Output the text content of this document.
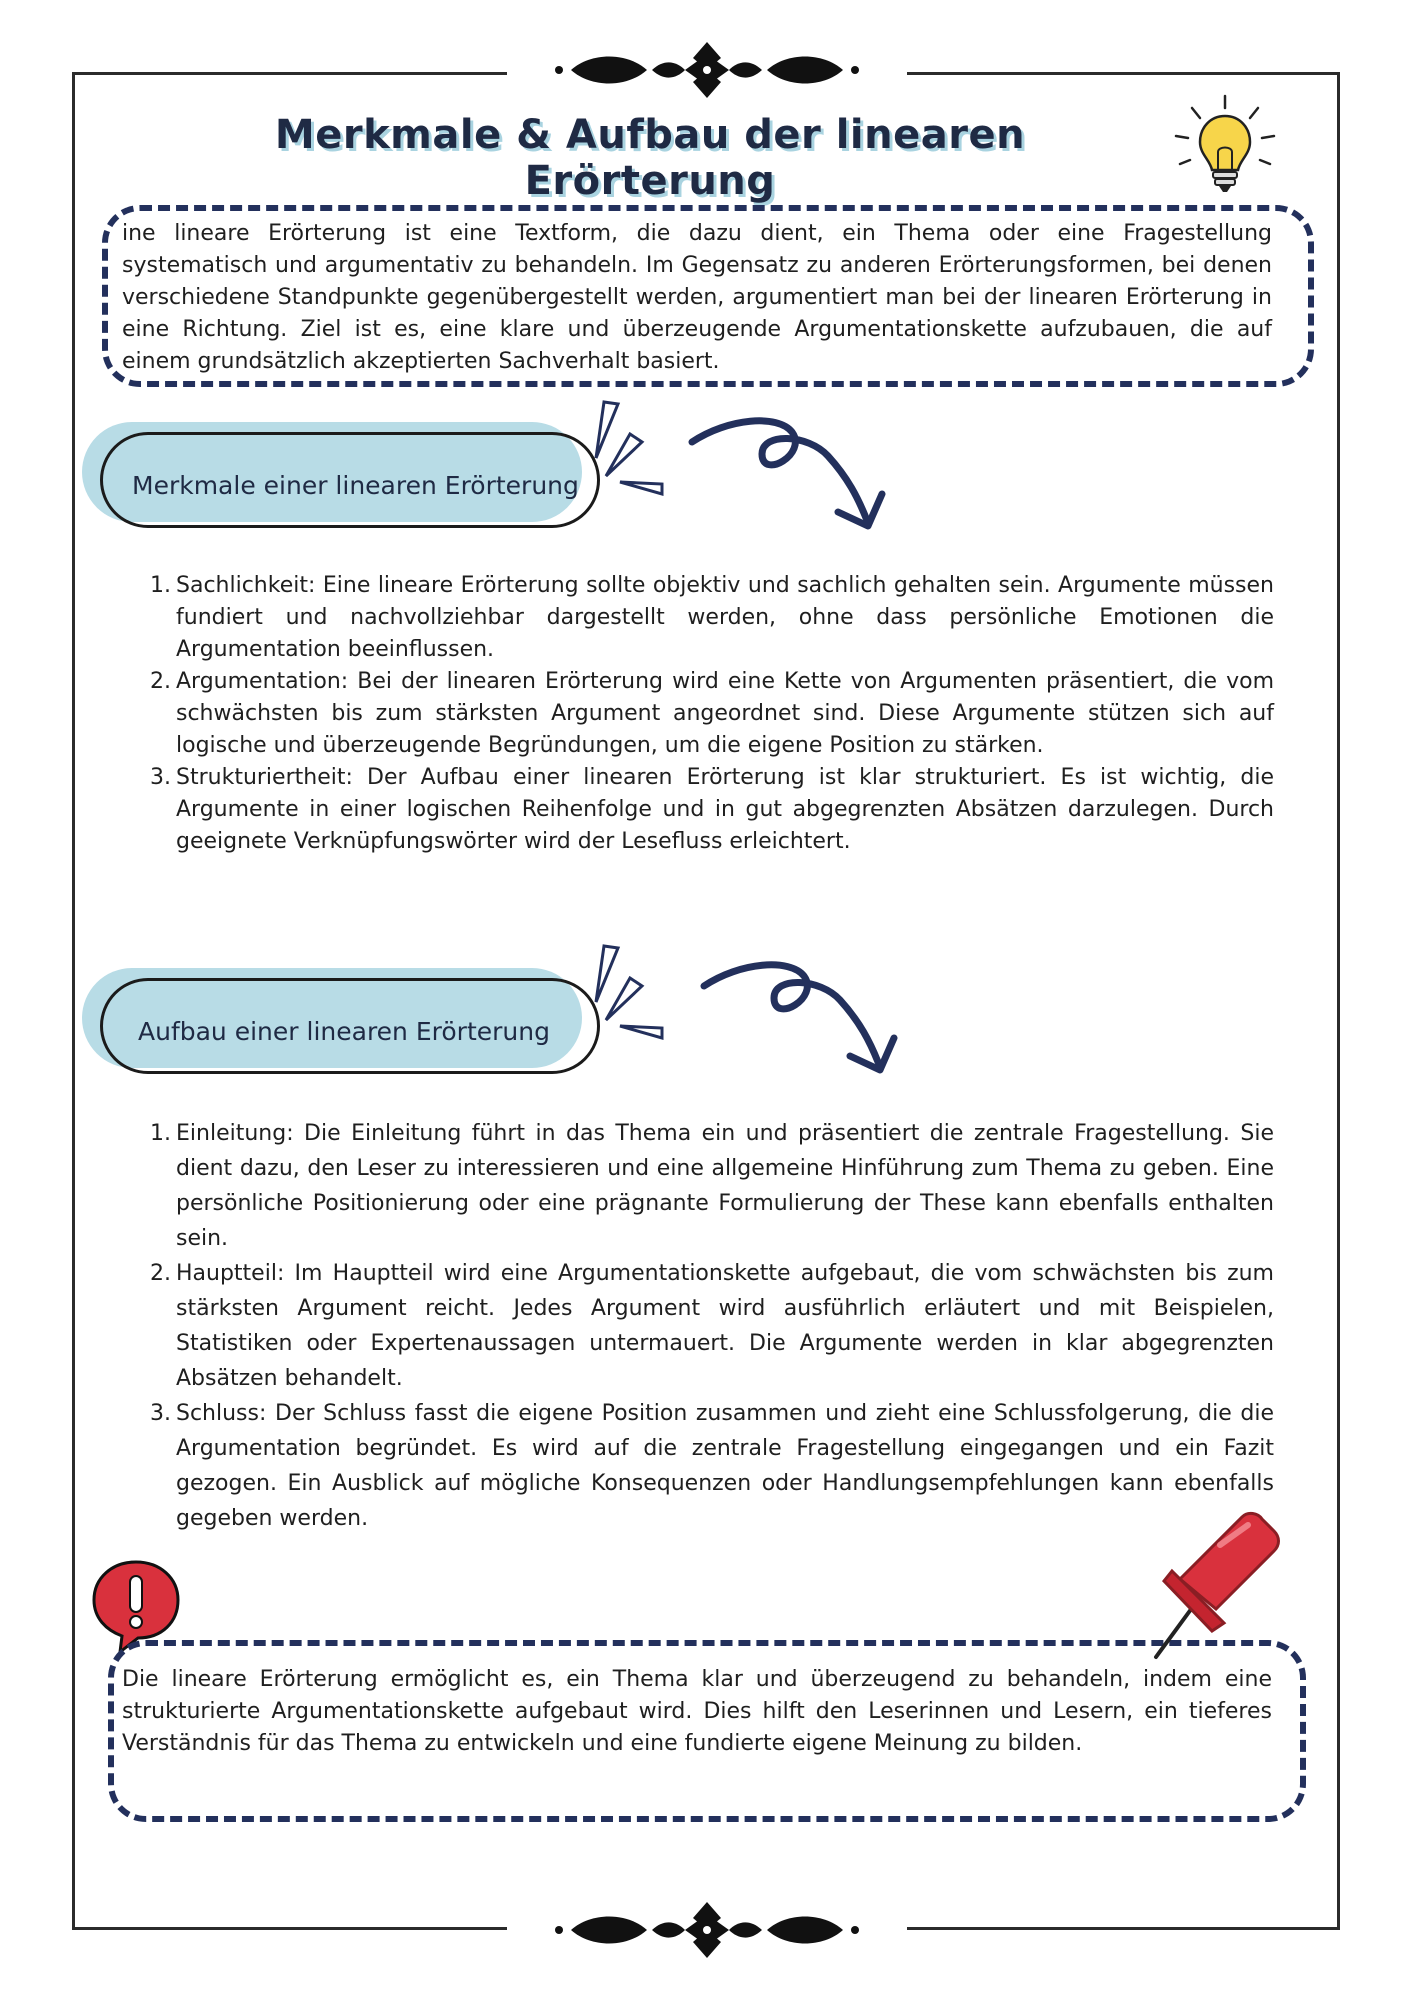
Merkmale & Aufbau der linearen Erörterung
ine lineare Erörterung ist eine Textform, die dazu dient, ein Thema oder eine Fragestellung systematisch und argumentativ zu behandeln. Im Gegensatz zu anderen Erörterungsformen, bei denen verschiedene Standpunkte gegenübergestellt werden, argumentiert man bei der linearen Erörterung in eine Richtung. Ziel ist es, eine klare und überzeugende Argumentationskette aufzubauen, die auf einem grundsätzlich akzeptierten Sachverhalt basiert.
Merkmale einer linearen Erörterung
1. Sachlichkeit: Eine lineare Erörterung sollte objektiv und sachlich gehalten sein. Argumente müssen fundiert und nachvollziehbar dargestellt werden, ohne dass persönliche Emotionen die Argumentation beeinflussen.
2. Argumentation: Bei der linearen Erörterung wird eine Kette von Argumenten präsentiert, die vom schwächsten bis zum stärksten Argument angeordnet sind. Diese Argumente stützen sich auf logische und überzeugende Begründungen, um die eigene Position zu stärken.
3. Strukturiertheit: Der Aufbau einer linearen Erörterung ist klar strukturiert. Es ist wichtig, die Argumente in einer logischen Reihenfolge und in gut abgegrenzten Absätzen darzulegen. Durch geeignete Verknüpfungswörter wird der Lesefluss erleichtert.
Aufbau einer linearen Erörterung
1. Einleitung: Die Einleitung führt in das Thema ein und präsentiert die zentrale Fragestellung. Sie dient dazu, den Leser zu interessieren und eine allgemeine Hinführung zum Thema zu geben. Eine persönliche Positionierung oder eine prägnante Formulierung der These kann ebenfalls enthalten sein.
2. Hauptteil: Im Hauptteil wird eine Argumentationskette aufgebaut, die vom schwächsten bis zum stärksten Argument reicht. Jedes Argument wird ausführlich erläutert und mit Beispielen, Statistiken oder Expertenaussagen untermauert. Die Argumente werden in klar abgegrenzten Absätzen behandelt.
3. Schluss: Der Schluss fasst die eigene Position zusammen und zieht eine Schlussfolgerung, die die Argumentation begründet. Es wird auf die zentrale Fragestellung eingegangen und ein Fazit gezogen. Ein Ausblick auf mögliche Konsequenzen oder Handlungsempfehlungen kann ebenfalls gegeben werden.
Die lineare Erörterung ermöglicht es, ein Thema klar und überzeugend zu behandeln, indem eine strukturierte Argumentationskette aufgebaut wird. Dies hilft den Leserinnen und Lesern, ein tieferes Verständnis für das Thema zu entwickeln und eine fundierte eigene Meinung zu bilden.
